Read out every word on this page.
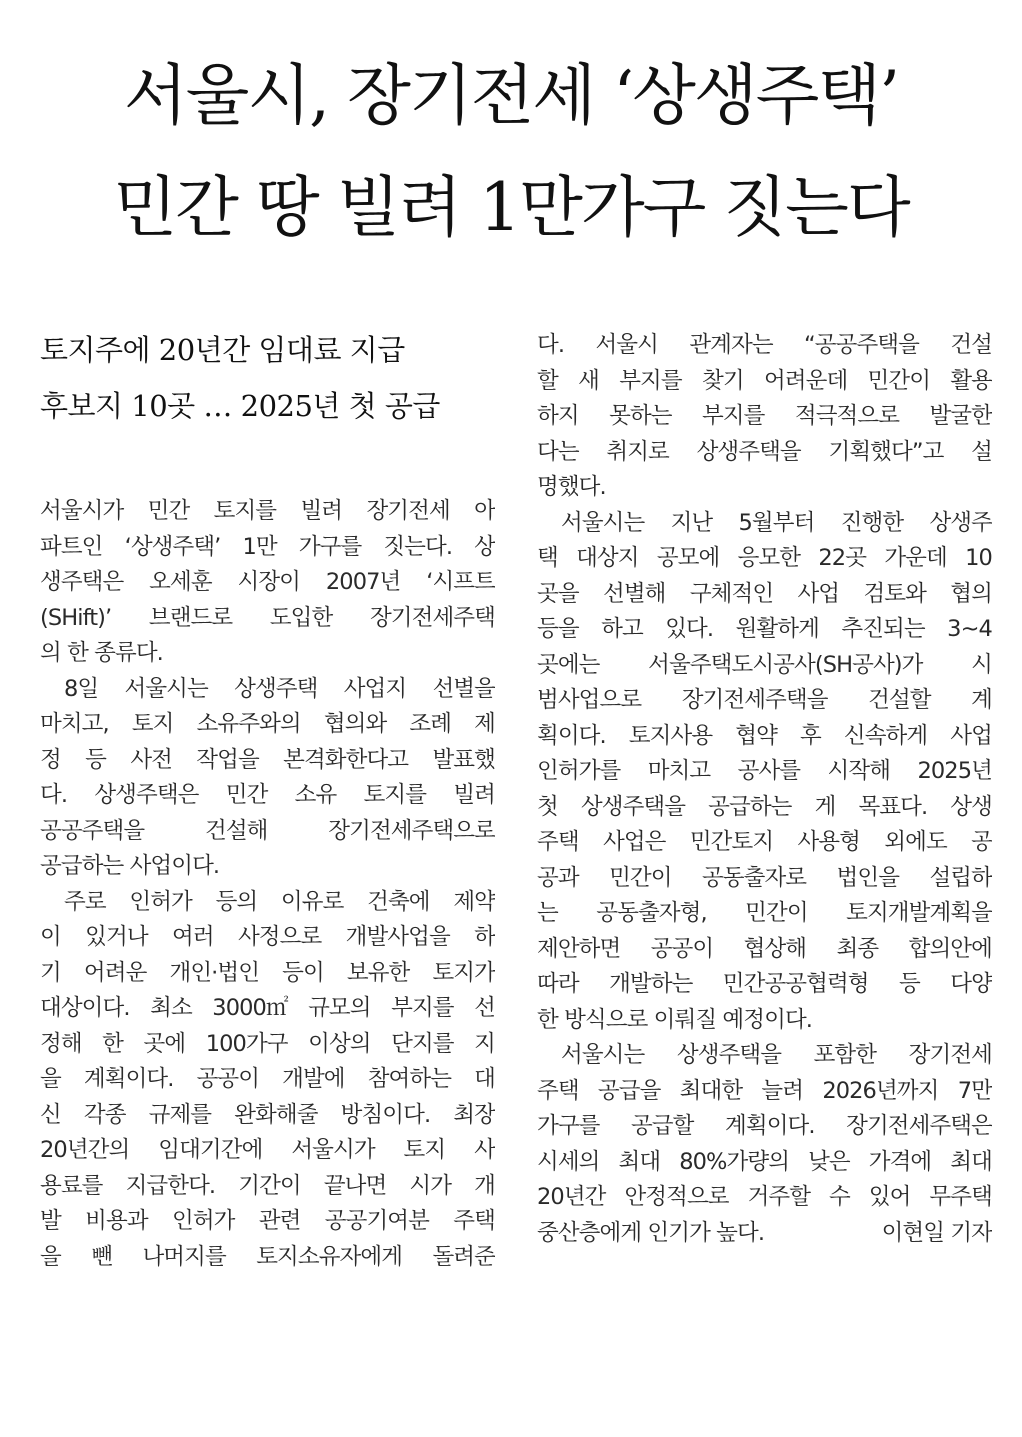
서울시, 장기전세 ‘상생주택’
민간 땅 빌려 1만가구 짓는다
토지주에 20년간 임대료 지급
후보지 10곳 … 2025년 첫 공급
서울시가 민간 토지를 빌려 장기전세 아
파트인 ‘상생주택’ 1만 가구를 짓는다. 상
생주택은 오세훈 시장이 2007년 ‘시프트
(SHift)’ 브랜드로 도입한 장기전세주택
의 한 종류다.
8일 서울시는 상생주택 사업지 선별을
마치고, 토지 소유주와의 협의와 조례 제
정 등 사전 작업을 본격화한다고 발표했
다. 상생주택은 민간 소유 토지를 빌려
공공주택을	건설해	장기전세주택으로
공급하는 사업이다.
주로 인허가 등의 이유로 건축에 제약
이 있거나 여러 사정으로 개발사업을 하
기 어려운 개인·법인 등이 보유한 토지가
대상이다. 최소 3000㎡ 규모의 부지를 선
정해 한 곳에 100가구 이상의 단지를 지
을 계획이다. 공공이 개발에 참여하는 대
신 각종 규제를 완화해줄 방침이다. 최장
20년간의 임대기간에 서울시가 토지 사
용료를 지급한다. 기간이 끝나면 시가 개
발 비용과 인허가 관련 공공기여분 주택
을 뺀 나머지를 토지소유자에게 돌려준
다. 서울시 관계자는 “공공주택을 건설
할 새 부지를 찾기 어려운데 민간이 활용
하지 못하는 부지를 적극적으로 발굴한
다는 취지로 상생주택을 기획했다”고 설
명했다.
서울시는 지난 5월부터 진행한 상생주
택 대상지 공모에 응모한 22곳 가운데 10
곳을 선별해 구체적인 사업 검토와 협의
등을 하고 있다. 원활하게 추진되는 3~4
곳에는 서울주택도시공사(SH공사)가 시
범사업으로 장기전세주택을 건설할 계
획이다. 토지사용 협약 후 신속하게 사업
인허가를 마치고 공사를 시작해 2025년
첫 상생주택을 공급하는 게 목표다. 상생
주택 사업은 민간토지 사용형 외에도 공
공과 민간이 공동출자로 법인을 설립하
는 공동출자형, 민간이 토지개발계획을
제안하면 공공이 협상해 최종 합의안에
따라 개발하는 민간공공협력형 등 다양
한 방식으로 이뤄질 예정이다.
서울시는 상생주택을 포함한 장기전세
주택 공급을 최대한 늘려 2026년까지 7만
가구를 공급할 계획이다. 장기전세주택은
시세의 최대 80%가량의 낮은 가격에 최대
20년간 안정적으로 거주할 수 있어 무주택
중산층에게 인기가 높다.	이현일 기자
